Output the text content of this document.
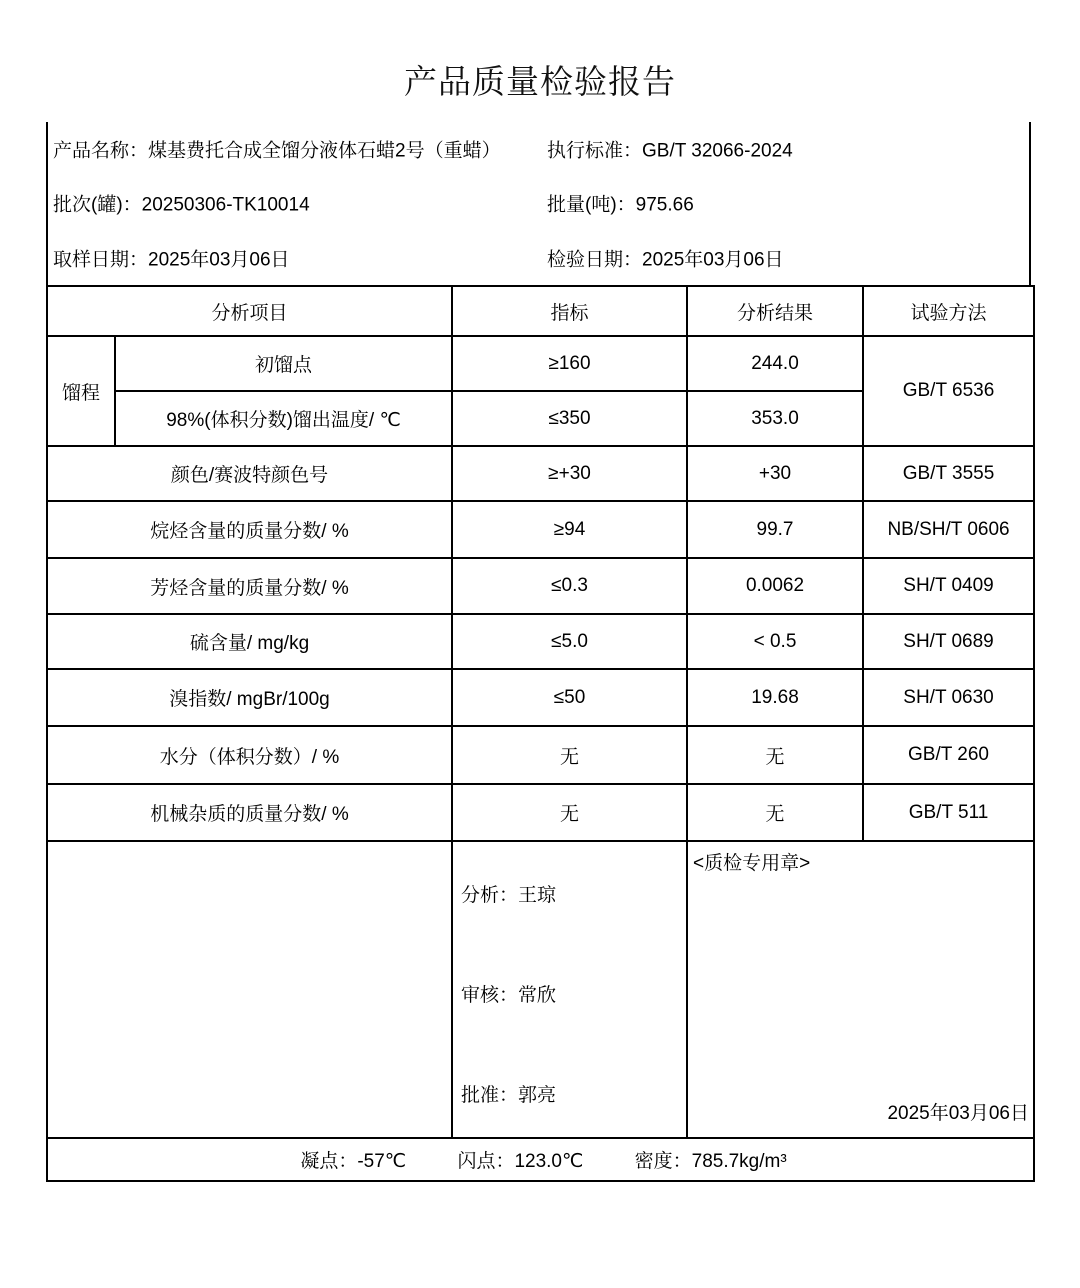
产品质量检验报告
产品名称：煤基费托合成全馏分液体石蜡2号（重蜡） 执行标准：GB/T 32066-2024
批次(罐)：20250306-TK10014	批量(吨)：975.66
取样日期：2025年03月06日	检验日期：2025年03月06日
分析项目		指标	分析结果	试验方法
馏程	初馏点	≥160	244.0	GB/T 6536
	98%(体积分数)馏出温度/ ℃	≤350	353.0	
颜色/赛波特颜色号		≥+30	+30	GB/T 3555
烷烃含量的质量分数/ %		≥94	99.7	NB/SH/T 0606
芳烃含量的质量分数/ %		≤0.3	0.0062	SH/T 0409
硫含量/ mg/kg		≤5.0	< 0.5	SH/T 0689
溴指数/ mgBr/100g		≤50	19.68	SH/T 0630
水分（体积分数）/ %		无	无	GB/T 260
机械杂质的质量分数/ %		无	无	GB/T 511

分析：王琼
审核：常欣
批准：郭亮

<质检专用章>
2025年03月06日

凝点：-57℃ 闪点：123.0℃ 密度：785.7kg/m³				
